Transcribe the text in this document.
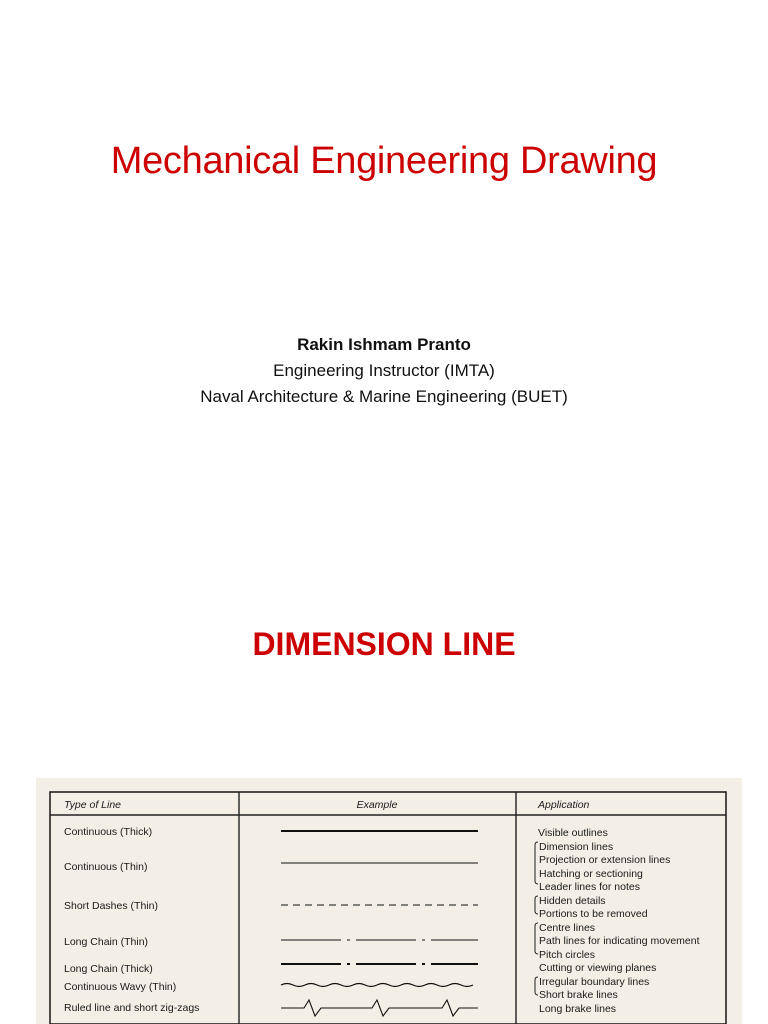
Mechanical Engineering Drawing
Rakin Ishmam Pranto
Engineering Instructor (IMTA)
Naval Architecture & Marine Engineering (BUET)
DIMENSION LINE
Type of Line	Example	Application
Continuous (Thick)
Continuous (Thin)
Short Dashes (Thin)
Long Chain (Thin)
Long Chain (Thick)
Continuous Wavy (Thin)
Ruled line and short zig-zags
Visible outlines
Dimension lines
Projection or extension lines
Hatching or sectioning
Leader lines for notes
Hidden details
Portions to be removed
Centre lines
Path lines for indicating movement
Pitch circles
Cutting or viewing planes
Irregular boundary lines
Short brake lines
Long brake lines
